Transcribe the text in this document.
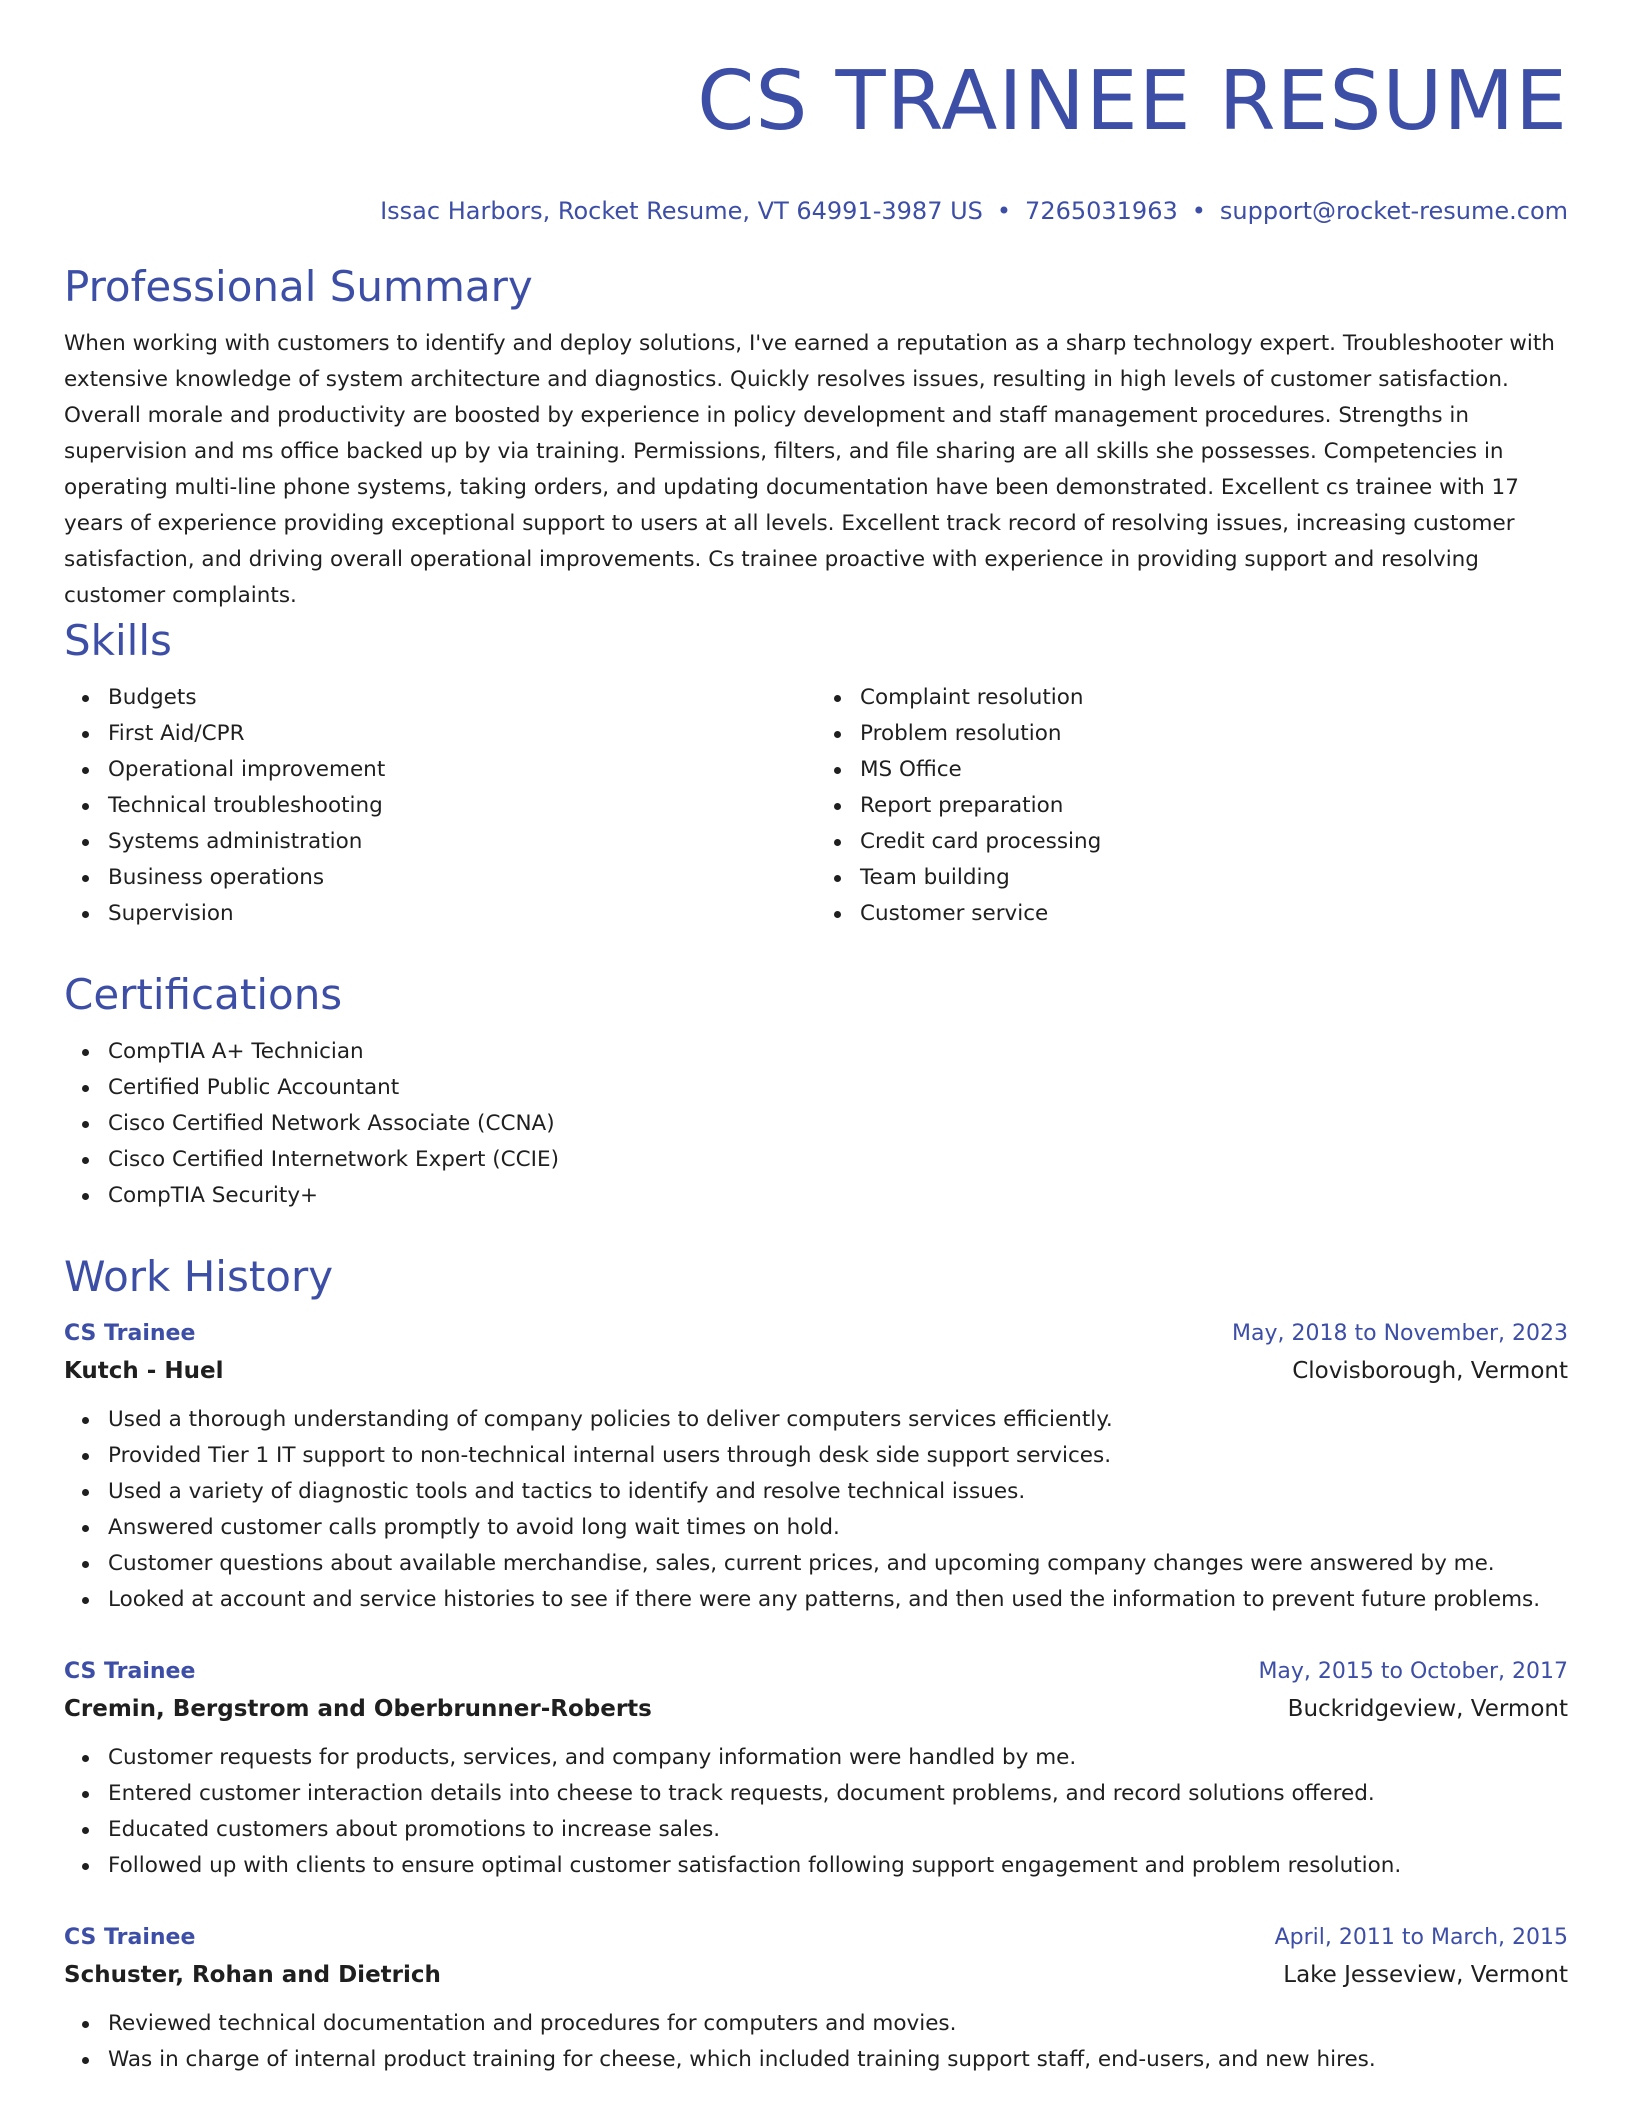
CS TRAINEE RESUME
Issac Harbors, Rocket Resume, VT 64991-3987 US • 7265031963 • support@rocket-resume.com
Professional Summary

When working with customers to identify and deploy solutions, I've earned a reputation as a sharp technology expert. Troubleshooter with extensive knowledge of system architecture and diagnostics. Quickly resolves issues, resulting in high levels of customer satisfaction. Overall morale and productivity are boosted by experience in policy development and staff management procedures. Strengths in supervision and ms office backed up by via training. Permissions, filters, and file sharing are all skills she possesses. Competencies in operating multi-line phone systems, taking orders, and updating documentation have been demonstrated. Excellent cs trainee with 17 years of experience providing exceptional support to users at all levels. Excellent track record of resolving issues, increasing customer satisfaction, and driving overall operational improvements. Cs trainee proactive with experience in providing support and resolving customer complaints.

Skills
Budgets
First Aid/CPR
Operational improvement
Technical troubleshooting
Systems administration
Business operations
Supervision
Complaint resolution
Problem resolution
MS Office
Report preparation
Credit card processing
Team building
Customer service
Certifications
CompTIA A+ Technician
Certified Public Accountant
Cisco Certified Network Associate (CCNA)
Cisco Certified Internetwork Expert (CCIE)
CompTIA Security+
Work History
CS Trainee	May, 2018 to November, 2023
Kutch - Huel	Clovisborough, Vermont
Used a thorough understanding of company policies to deliver computers services efficiently.
Provided Tier 1 IT support to non-technical internal users through desk side support services.
Used a variety of diagnostic tools and tactics to identify and resolve technical issues.
Answered customer calls promptly to avoid long wait times on hold.
Customer questions about available merchandise, sales, current prices, and upcoming company changes were answered by me.
Looked at account and service histories to see if there were any patterns, and then used the information to prevent future problems.
CS Trainee	May, 2015 to October, 2017
Cremin, Bergstrom and Oberbrunner-Roberts	Buckridgeview, Vermont
Customer requests for products, services, and company information were handled by me.
Entered customer interaction details into cheese to track requests, document problems, and record solutions offered.
Educated customers about promotions to increase sales.
Followed up with clients to ensure optimal customer satisfaction following support engagement and problem resolution.
CS Trainee	April, 2011 to March, 2015
Schuster, Rohan and Dietrich	Lake Jesseview, Vermont
Reviewed technical documentation and procedures for computers and movies.
Was in charge of internal product training for cheese, which included training support staff, end-users, and new hires.
